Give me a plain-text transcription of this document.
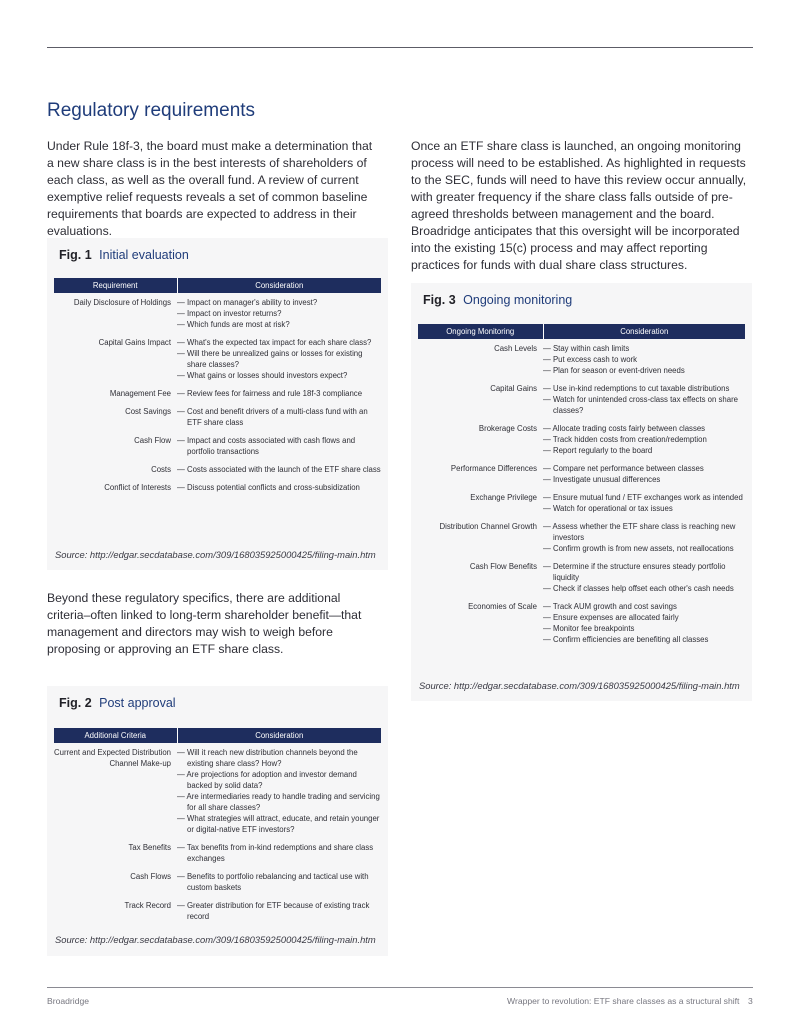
Regulatory requirements

Under Rule 18f-3, the board must make a determination that a new share class is in the best interests of shareholders of each class, as well as the overall fund. A review of current exemptive relief requests reveals a set of common baseline requirements that boards are expected to address in their evaluations.

Once an ETF share class is launched, an ongoing monitoring process will need to be established. As highlighted in requests to the SEC, funds will need to have this review occur annually, with greater frequency if the share class falls outside of pre-agreed thresholds between management and the board. Broadridge anticipates that this oversight will be incorporated into the existing 15(c) process and may affect reporting practices for funds with dual share class structures.

Beyond these regulatory specifics, there are additional criteria–often linked to long-term shareholder benefit—that management and directors may wish to weigh before proposing or approving an ETF share class.

Fig. 1 Initial evaluation
Requirement	Consideration
Daily Disclosure of Holdings	— Impact on manager's ability to invest?
— Impact on investor returns?
— Which funds are most at risk?

Capital Gains Impact	— What's the expected tax impact for each share class?
— Will there be unrealized gains or losses for existing share classes?
— What gains or losses should investors expect?

Management Fee	— Review fees for fairness and rule 18f-3 compliance

Cost Savings	— Cost and benefit drivers of a multi-class fund with an ETF share class

Cash Flow	— Impact and costs associated with cash flows and portfolio transactions

Costs	— Costs associated with the launch of the ETF share class

Conflict of Interests	— Discuss potential conflicts and cross-subsidization
Source: http://edgar.secdatabase.com/309/168035925000425/filing-main.htm
Fig. 2 Post approval
Additional Criteria	Consideration
Current and Expected Distribution Channel Make-up	— Will it reach new distribution channels beyond the existing share class? How?
— Are projections for adoption and investor demand backed by solid data?
— Are intermediaries ready to handle trading and servicing for all share classes?
— What strategies will attract, educate, and retain younger or digital-native ETF investors?

Tax Benefits	— Tax benefits from in-kind redemptions and share class exchanges

Cash Flows	— Benefits to portfolio rebalancing and tactical use with custom baskets

Track Record	— Greater distribution for ETF because of existing track record
Source: http://edgar.secdatabase.com/309/168035925000425/filing-main.htm
Fig. 3 Ongoing monitoring
Ongoing Monitoring	Consideration
Cash Levels	— Stay within cash limits
— Put excess cash to work
— Plan for season or event-driven needs

Capital Gains	— Use in-kind redemptions to cut taxable distributions
— Watch for unintended cross-class tax effects on share classes?

Brokerage Costs	— Allocate trading costs fairly between classes
— Track hidden costs from creation/redemption
— Report regularly to the board

Performance Differences	— Compare net performance between classes
— Investigate unusual differences

Exchange Privilege	— Ensure mutual fund / ETF exchanges work as intended
— Watch for operational or tax issues

Distribution Channel Growth	— Assess whether the ETF share class is reaching new investors
— Confirm growth is from new assets, not reallocations

Cash Flow Benefits	— Determine if the structure ensures steady portfolio liquidity
— Check if classes help offset each other's cash needs

Economies of Scale	— Track AUM growth and cost savings
— Ensure expenses are allocated fairly
— Monitor fee breakpoints
— Confirm efficiencies are benefiting all classes
Source: http://edgar.secdatabase.com/309/168035925000425/filing-main.htm
Broadridge	Wrapper to revolution: ETF share classes as a structural shift 3
